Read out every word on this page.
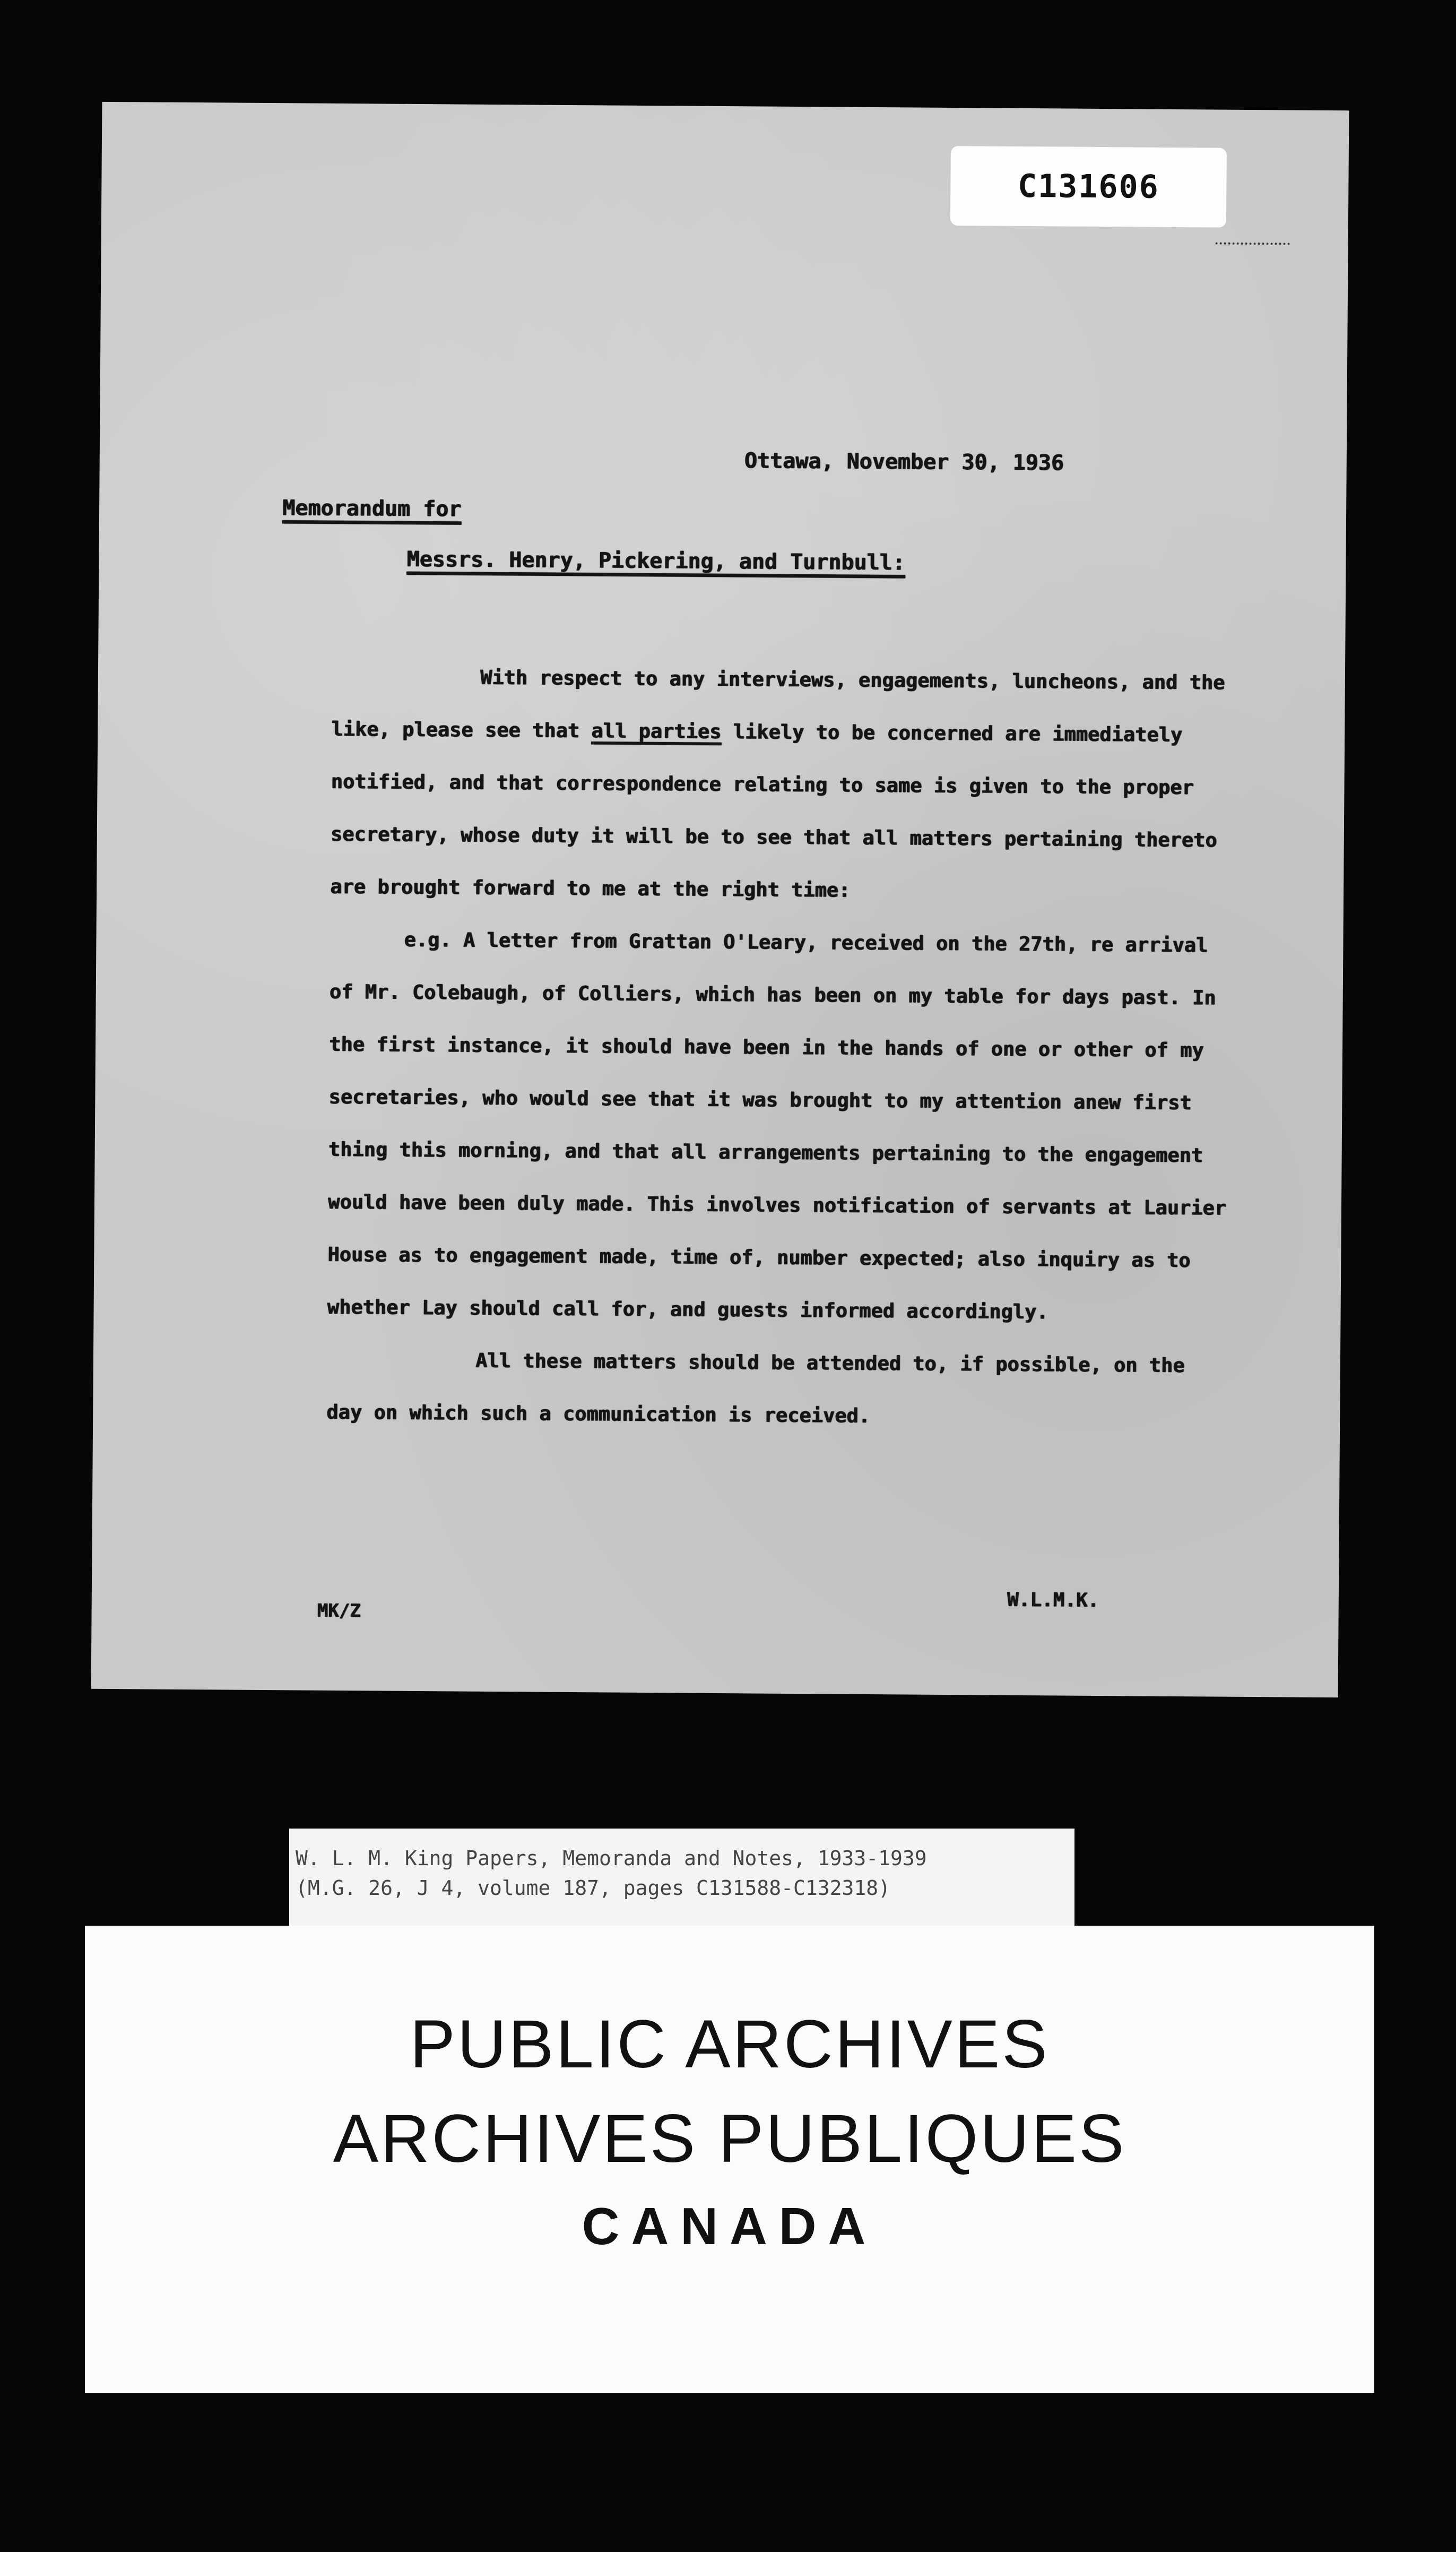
C131606
Ottawa, November 30, 1936
Memorandum for
Messrs. Henry, Pickering, and Turnbull:

With respect to any interviews, engagements, luncheons, and the like, please see that all parties likely to be concerned are immediately notified, and that correspondence relating to same is given to the proper secretary, whose duty it will be to see that all matters pertaining thereto are brought forward to me at the right time:

e.g. A letter from Grattan O'Leary, received on the 27th, re arrival of Mr. Colebaugh, of Colliers, which has been on my table for days past. In the first instance, it should have been in the hands of one or other of my secretaries, who would see that it was brought to my attention anew first thing this morning, and that all arrangements pertaining to the engagement would have been duly made. This involves notification of servants at Laurier House as to engagement made, time of, number expected; also inquiry as to whether Lay should call for, and guests informed accordingly.

All these matters should be attended to, if possible, on the day on which such a communication is received.

MK/Z	W.L.M.K.
W. L. M. King Papers, Memoranda and Notes, 1933-1939
(M.G. 26, J 4, volume 187, pages C131588-C132318)
PUBLIC ARCHIVES
ARCHIVES PUBLIQUES
CANADA
